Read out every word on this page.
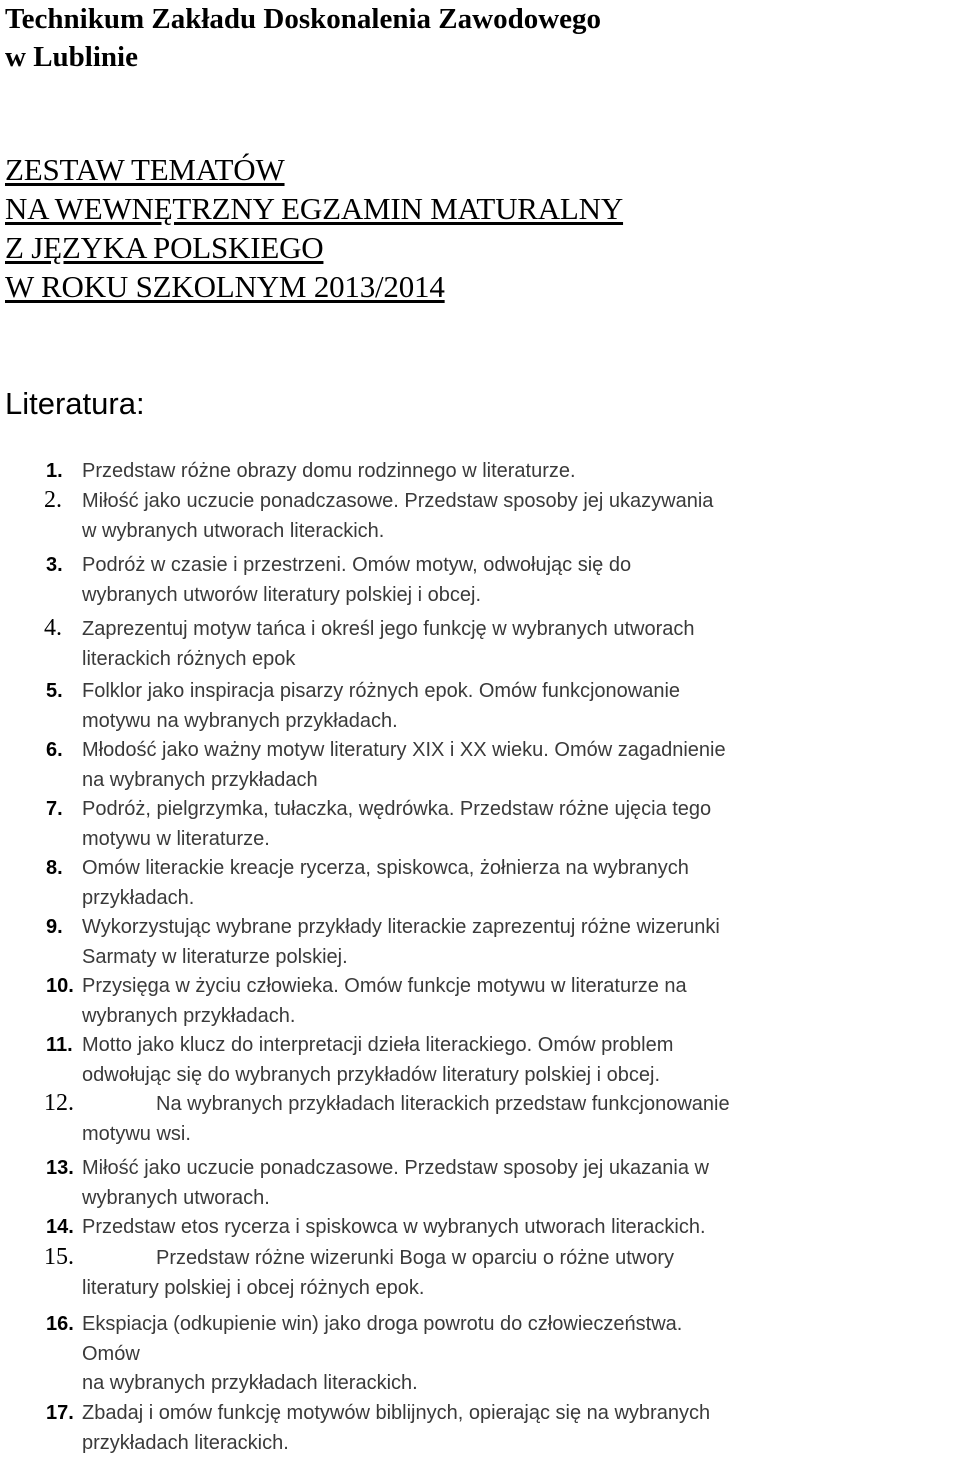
Technikum Zakładu Doskonalenia Zawodowego
w Lublinie
ZESTAW TEMATÓW
NA WEWNĘTRZNY EGZAMIN MATURALNY
Z JĘZYKA POLSKIEGO
W ROKU SZKOLNYM 2013/2014
Literatura:
1. Przedstaw różne obrazy domu rodzinnego w literaturze.
2. Miłość jako uczucie ponadczasowe. Przedstaw sposoby jej ukazywania
w wybranych utworach literackich.
3. Podróż w czasie i przestrzeni. Omów motyw, odwołując się do
wybranych utworów literatury polskiej i obcej.
4. Zaprezentuj motyw tańca i określ jego funkcję w wybranych utworach
literackich różnych epok
5. Folklor jako inspiracja pisarzy różnych epok. Omów funkcjonowanie
motywu na wybranych przykładach.
6. Młodość jako ważny motyw literatury XIX i XX wieku. Omów zagadnienie
na wybranych przykładach
7. Podróż, pielgrzymka, tułaczka, wędrówka. Przedstaw różne ujęcia tego
motywu w literaturze.
8. Omów literackie kreacje rycerza, spiskowca, żołnierza na wybranych
przykładach.
9. Wykorzystując wybrane przykłady literackie zaprezentuj różne wizerunki
Sarmaty w literaturze polskiej.
10. Przysięga w życiu człowieka. Omów funkcje motywu w literaturze na
wybranych przykładach.
11. Motto jako klucz do interpretacji dzieła literackiego. Omów problem
odwołując się do wybranych przykładów literatury polskiej i obcej.
12.	Na wybranych przykładach literackich przedstaw funkcjonowanie
motywu wsi.
13. Miłość jako uczucie ponadczasowe. Przedstaw sposoby jej ukazania w
wybranych utworach.
14. Przedstaw etos rycerza i spiskowca w wybranych utworach literackich.
15.	Przedstaw różne wizerunki Boga w oparciu o różne utwory
literatury polskiej i obcej różnych epok.
16. Ekspiacja (odkupienie win) jako droga powrotu do człowieczeństwa.
Omów
na wybranych przykładach literackich.
17. Zbadaj i omów funkcję motywów biblijnych, opierając się na wybranych
przykładach literackich.
